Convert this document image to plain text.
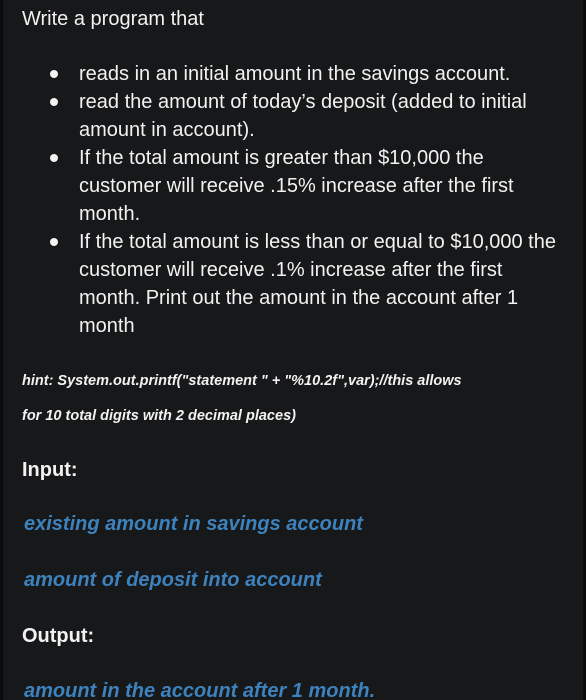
Write a program that

reads in an initial amount in the savings account.
read the amount of today’s deposit (added to initial amount in account).
If the total amount is greater than $10,000 the customer will receive .15% increase after the first month.
If the total amount is less than or equal to $10,000 the customer will receive .1% increase after the first month. Print out the amount in the account after 1 month

hint: System.out.printf("statement " + "%10.2f",var);//this allows
for 10 total digits with 2 decimal places)

Input:

existing amount in savings account

amount of deposit into account

Output:

amount in the account after 1 month.
